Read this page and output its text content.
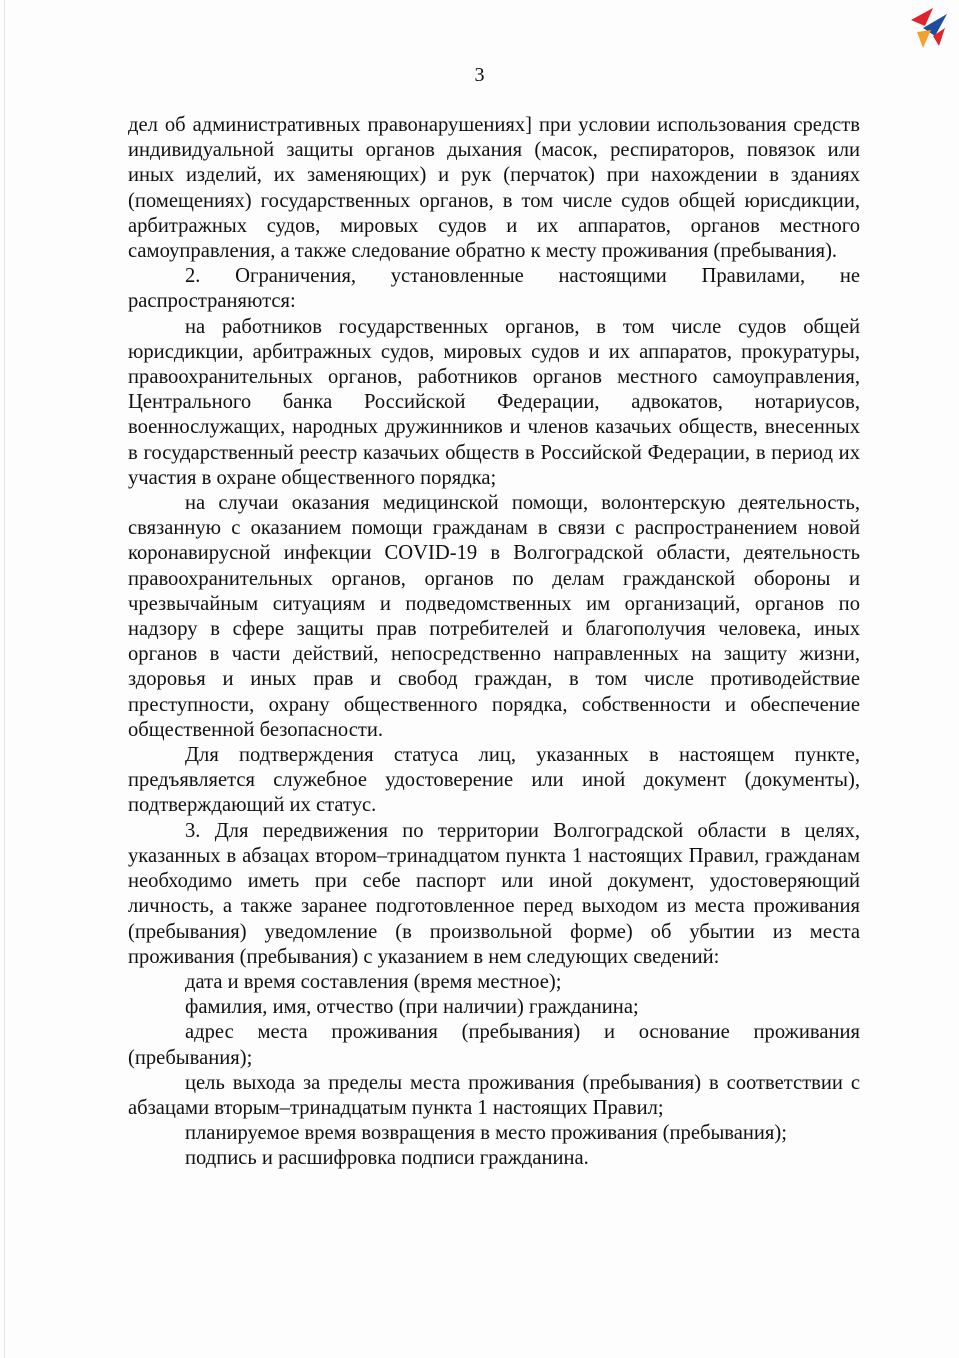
3

дел об административных правонарушениях] при условии использования средств индивидуальной защиты органов дыхания (масок, респираторов, повязок или иных изделий, их заменяющих) и рук (перчаток) при нахождении в зданиях (помещениях) государственных органов, в том числе судов общей юрисдикции, арбитражных судов, мировых судов и их аппаратов, органов местного самоуправления, а также следование обратно к месту проживания (пребывания).

2. Ограничения, установленные настоящими Правилами, не распространяются:

на работников государственных органов, в том числе судов общей юрисдикции, арбитражных судов, мировых судов и их аппаратов, прокуратуры, правоохранительных органов, работников органов местного самоуправления, Центрального банка Российской Федерации, адвокатов, нотариусов, военнослужащих, народных дружинников и членов казачьих обществ, внесенных в государственный реестр казачьих обществ в Российской Федерации, в период их участия в охране общественного порядка;

на случаи оказания медицинской помощи, волонтерскую деятельность, связанную с оказанием помощи гражданам в связи с распространением новой коронавирусной инфекции COVID-19 в Волгоградской области, деятельность правоохранительных органов, органов по делам гражданской обороны и чрезвычайным ситуациям и подведомственных им организаций, органов по надзору в сфере защиты прав потребителей и благополучия человека, иных органов в части действий, непосредственно направленных на защиту жизни, здоровья и иных прав и свобод граждан, в том числе противодействие преступности, охрану общественного порядка, собственности и обеспечение общественной безопасности.

Для подтверждения статуса лиц, указанных в настоящем пункте, предъявляется служебное удостоверение или иной документ (документы), подтверждающий их статус.

3. Для передвижения по территории Волгоградской области в целях, указанных в абзацах втором–тринадцатом пункта 1 настоящих Правил, гражданам необходимо иметь при себе паспорт или иной документ, удостоверяющий личность, а также заранее подготовленное перед выходом из места проживания (пребывания) уведомление (в произвольной форме) об убытии из места проживания (пребывания) с указанием в нем следующих сведений:

дата и время составления (время местное);

фамилия, имя, отчество (при наличии) гражданина;

адрес места проживания (пребывания) и основание проживания (пребывания);

цель выхода за пределы места проживания (пребывания) в соответствии с абзацами вторым–тринадцатым пункта 1 настоящих Правил;

планируемое время возвращения в место проживания (пребывания);

подпись и расшифровка подписи гражданина.
